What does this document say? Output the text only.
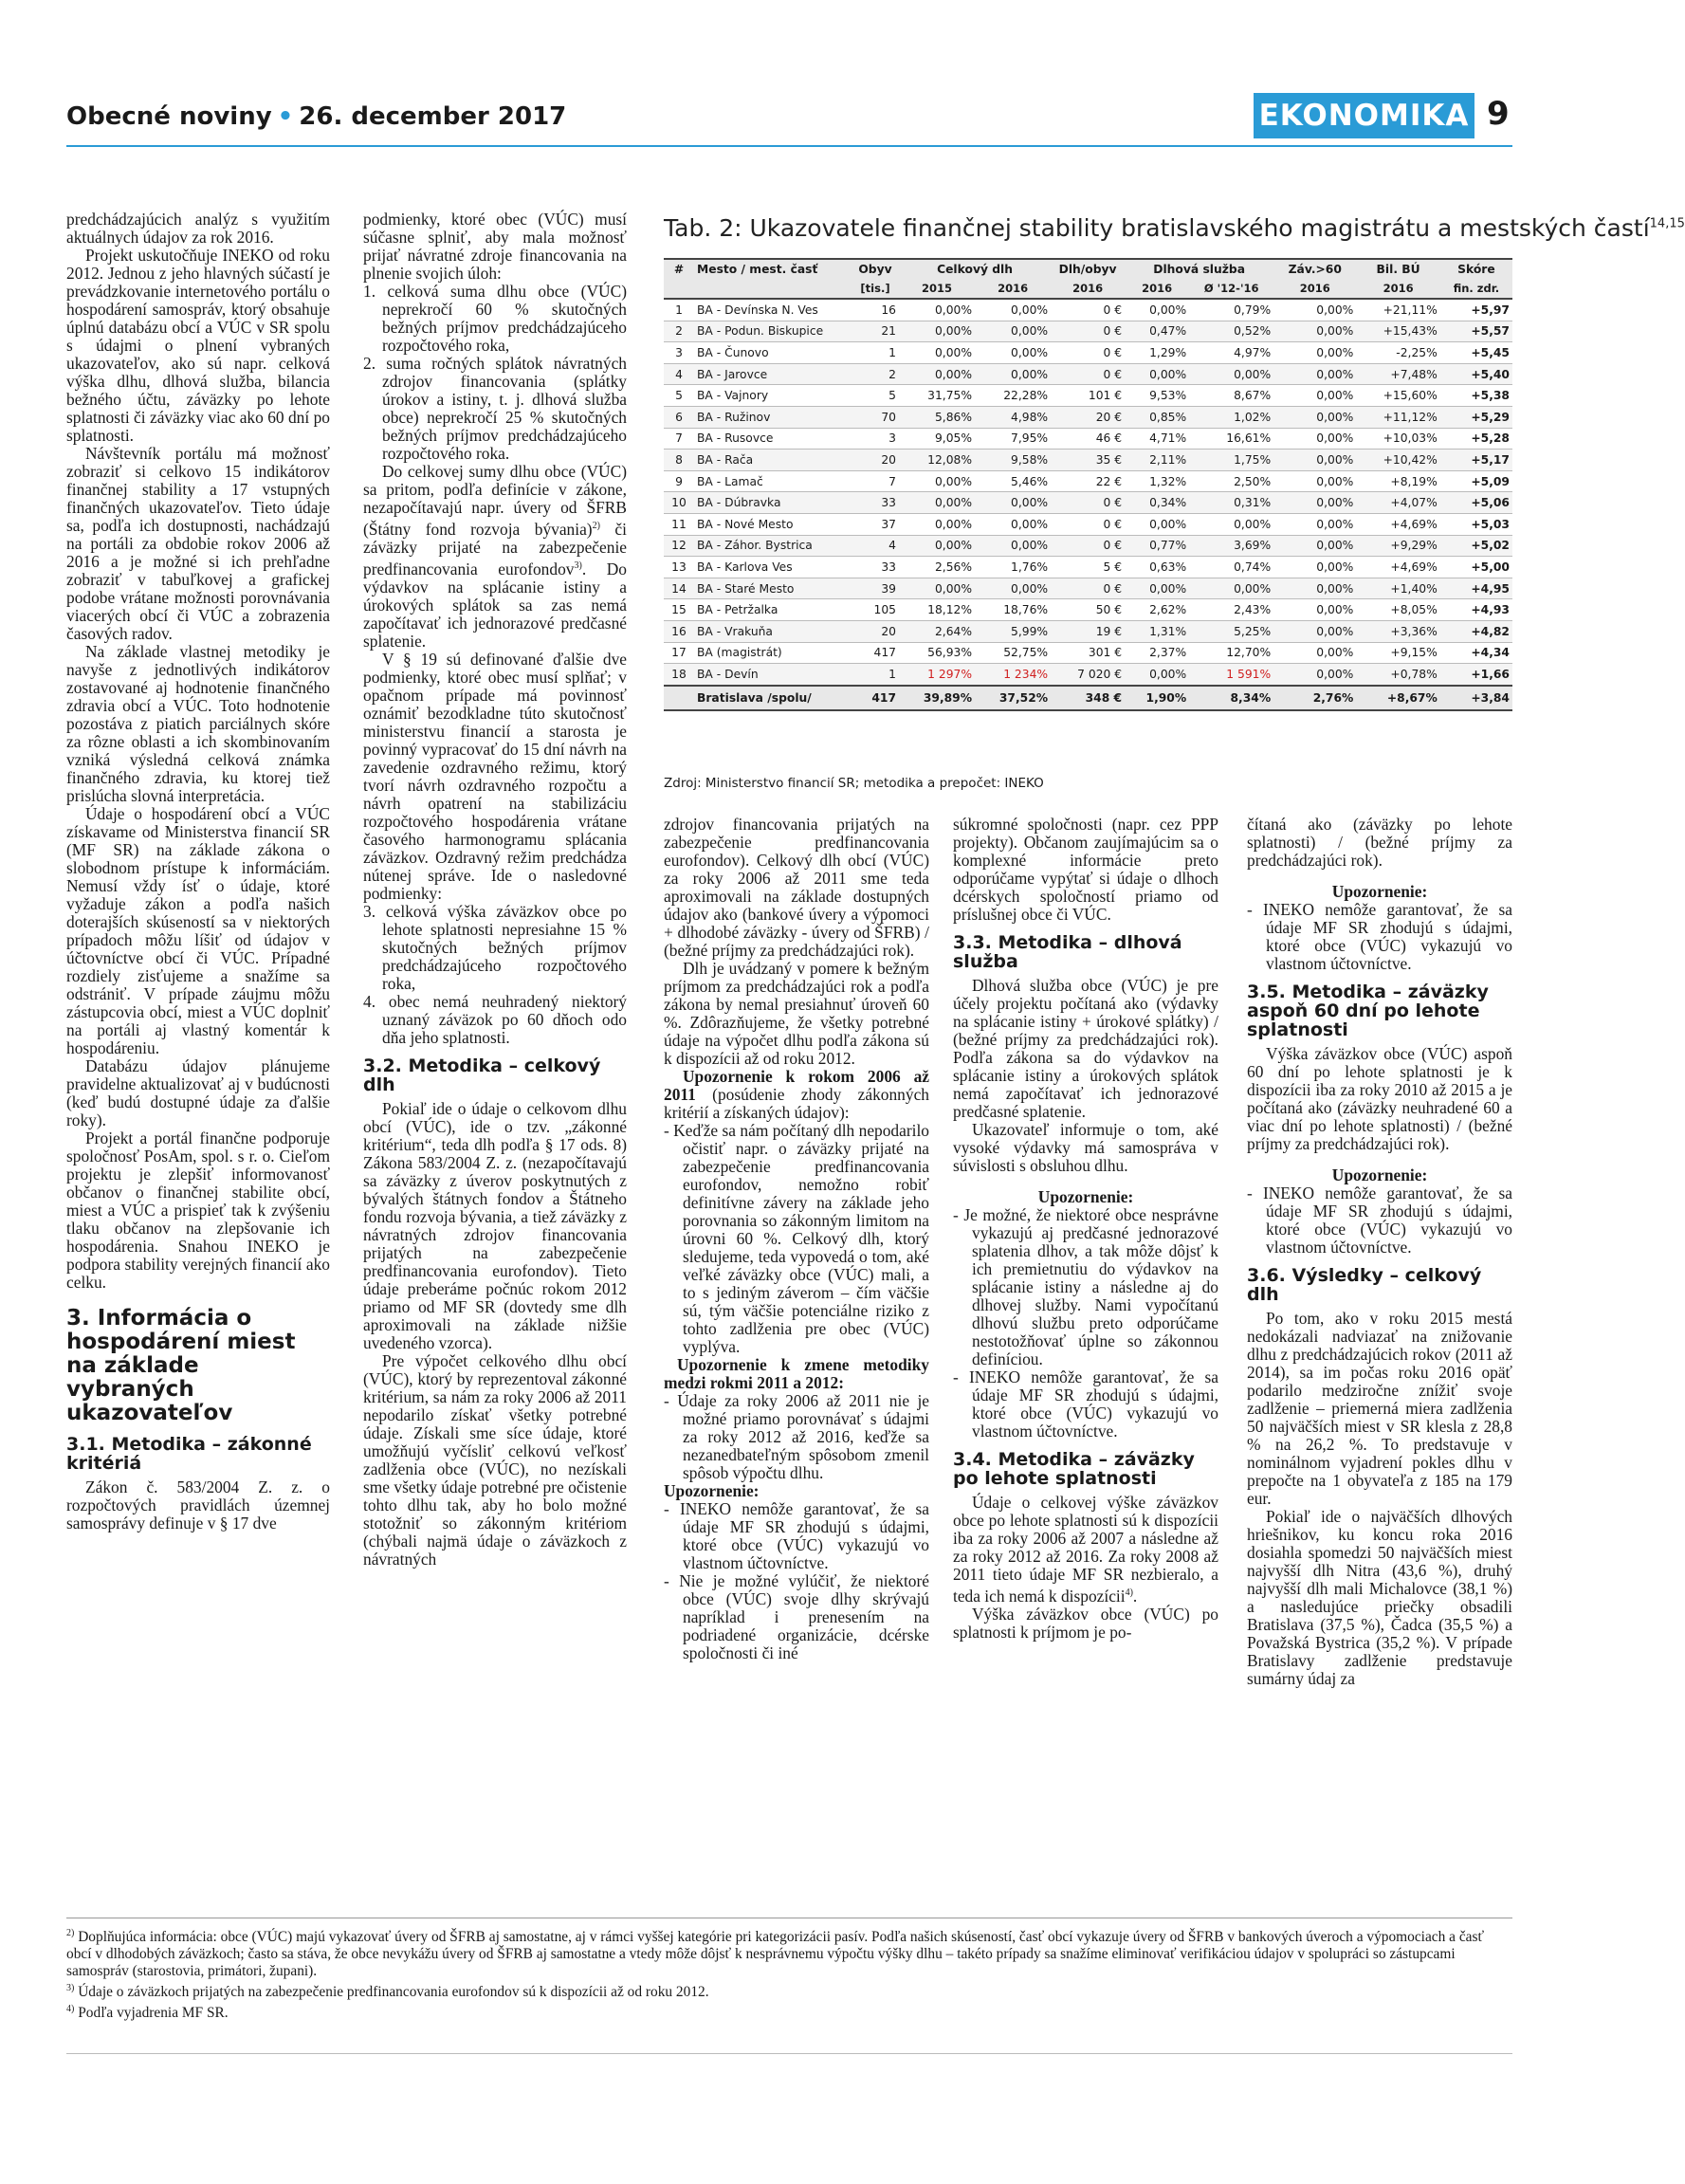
Obecné noviny • 26. december 2017	EKONOMIKA 9

predchádzajúcich analýz s využitím aktuálnych údajov za rok 2016.

Projekt uskutočňuje INEKO od roku 2012. Jednou z jeho hlavných súčastí je prevádzkovanie internetového portálu o hospodárení samospráv, ktorý obsahuje úplnú databázu obcí a VÚC v SR spolu s údajmi o plnení vybraných ukazovateľov, ako sú napr. celková výška dlhu, dlhová služba, bilancia bežného účtu, záväzky po lehote splatnosti či záväzky viac ako 60 dní po splatnosti.

Návštevník portálu má možnosť zobraziť si celkovo 15 indikátorov finančnej stability a 17 vstupných finančných ukazovateľov. Tieto údaje sa, podľa ich dostupnosti, nachádzajú na portáli za obdobie rokov 2006 až 2016 a je možné si ich prehľadne zobraziť v tabuľkovej a grafickej podobe vrátane možnosti porovnávania viacerých obcí či VÚC a zobrazenia časových radov.

Na základe vlastnej metodiky je navyše z jednotlivých indikátorov zostavované aj hodnotenie finančného zdravia obcí a VÚC. Toto hodnotenie pozostáva z piatich parciálnych skóre za rôzne oblasti a ich skombinovaním vzniká výsledná celková známka finančného zdravia, ku ktorej tiež prislúcha slovná interpretácia.

Údaje o hospodárení obcí a VÚC získavame od Ministerstva financií SR (MF SR) na základe zákona o slobodnom prístupe k informáciám. Nemusí vždy ísť o údaje, ktoré vyžaduje zákon a podľa našich doterajších skúseností sa v niektorých prípadoch môžu líšiť od údajov v účtovníctve obcí či VÚC. Prípadné rozdiely zisťujeme a snažíme sa odstrániť. V prípade záujmu môžu zástupcovia obcí, miest a VÚC doplniť na portáli aj vlastný komentár k hospodáreniu.

Databázu údajov plánujeme pravidelne aktualizovať aj v budúcnosti (keď budú dostupné údaje za ďalšie roky).

Projekt a portál finančne podporuje spoločnosť PosAm, spol. s r. o. Cieľom projektu je zlepšiť informovanosť občanov o finančnej stabilite obcí, miest a VÚC a prispieť tak k zvýšeniu tlaku občanov na zlepšovanie ich hospodárenia. Snahou INEKO je podpora stability verejných financií ako celku.

3. Informácia o hospodárení miest na základe vybraných ukazovateľov
3.1. Metodika – zákonné kritériá

Zákon č. 583/2004 Z. z. o rozpočtových pravidlách územnej samosprávy definuje v § 17 dve

podmienky, ktoré obec (VÚC) musí súčasne splniť, aby mala možnosť prijať návratné zdroje financovania na plnenie svojich úloh:

1. celková suma dlhu obce (VÚC) neprekročí 60 % skutočných bežných príjmov predchádzajúceho rozpočtového roka,
2. suma ročných splátok návratných zdrojov financovania (splátky úrokov a istiny, t. j. dlhová služba obce) neprekročí 25 % skutočných bežných príjmov predchádzajúceho rozpočtového roka.

Do celkovej sumy dlhu obce (VÚC) sa pritom, podľa definície v zákone, nezapočítavajú napr. úvery od ŠFRB (Štátny fond rozvoja bývania)$^{2)}$ či záväzky prijaté na zabezpečenie predfinancovania eurofondov$^{3)}$. Do výdavkov na splácanie istiny a úrokových splátok sa zas nemá započítavať ich jednorazové predčasné splatenie.

V § 19 sú definované ďalšie dve podmienky, ktoré obec musí splňať; v opačnom prípade má povinnosť oznámiť bezodkladne túto skutočnosť ministerstvu financií a starosta je povinný vypracovať do 15 dní návrh na zavedenie ozdravného režimu, ktorý tvorí návrh ozdravného rozpočtu a návrh opatrení na stabilizáciu rozpočtového hospodárenia vrátane časového harmonogramu splácania záväzkov. Ozdravný režim predchádza nútenej správe. Ide o nasledovné podmienky:

3. celková výška záväzkov obce po lehote splatnosti nepresiahne 15 % skutočných bežných príjmov predchádzajúceho rozpočtového roka,
4. obec nemá neuhradený niektorý uznaný záväzok po 60 dňoch odo dňa jeho splatnosti.
3.2. Metodika – celkový dlh

Pokiaľ ide o údaje o celkovom dlhu obcí (VÚC), ide o tzv. „zákonné kritérium“, teda dlh podľa § 17 ods. 8) Zákona 583/2004 Z. z. (nezapočítavajú sa záväzky z úverov poskytnutých z bývalých štátnych fondov a Štátneho fondu rozvoja bývania, a tiež záväzky z návratných zdrojov financovania prijatých na zabezpečenie predfinancovania eurofondov). Tieto údaje preberáme počnúc rokom 2012 priamo od MF SR (dovtedy sme dlh aproximovali na základe nižšie uvedeného vzorca).

Pre výpočet celkového dlhu obcí (VÚC), ktorý by reprezentoval zákonné kritérium, sa nám za roky 2006 až 2011 nepodarilo získať všetky potrebné údaje. Získali sme síce údaje, ktoré umožňujú vyčísliť celkovú veľkosť zadlženia obce (VÚC), no nezískali sme všetky údaje potrebné pre očistenie tohto dlhu tak, aby ho bolo možné stotožniť so zákonným kritériom (chýbali najmä údaje o záväzkoch z návratných

Tab. 2: Ukazovatele finančnej stability bratislavského magistrátu a mestských častí$^{14,15}$
#	Mesto / mest. časť	Obyv	Celkový dlh		Dlh/obyv	Dlhová služba		Záv.>60	Bil. BÚ	Skóre
		[tis.]	2015	2016	2016	2016	Ø '12-'16	2016	2016	fin. zdr.
1	BA - Devínska N. Ves	16	0,00%	0,00%	0 €	0,00%	0,79%	0,00%	+21,11%	+5,97
2	BA - Podun. Biskupice	21	0,00%	0,00%	0 €	0,47%	0,52%	0,00%	+15,43%	+5,57
3	BA - Čunovo	1	0,00%	0,00%	0 €	1,29%	4,97%	0,00%	-2,25%	+5,45
4	BA - Jarovce	2	0,00%	0,00%	0 €	0,00%	0,00%	0,00%	+7,48%	+5,40
5	BA - Vajnory	5	31,75%	22,28%	101 €	9,53%	8,67%	0,00%	+15,60%	+5,38
6	BA - Ružinov	70	5,86%	4,98%	20 €	0,85%	1,02%	0,00%	+11,12%	+5,29
7	BA - Rusovce	3	9,05%	7,95%	46 €	4,71%	16,61%	0,00%	+10,03%	+5,28
8	BA - Rača	20	12,08%	9,58%	35 €	2,11%	1,75%	0,00%	+10,42%	+5,17
9	BA - Lamač	7	0,00%	5,46%	22 €	1,32%	2,50%	0,00%	+8,19%	+5,09
10	BA - Dúbravka	33	0,00%	0,00%	0 €	0,34%	0,31%	0,00%	+4,07%	+5,06
11	BA - Nové Mesto	37	0,00%	0,00%	0 €	0,00%	0,00%	0,00%	+4,69%	+5,03
12	BA - Záhor. Bystrica	4	0,00%	0,00%	0 €	0,77%	3,69%	0,00%	+9,29%	+5,02
13	BA - Karlova Ves	33	2,56%	1,76%	5 €	0,63%	0,74%	0,00%	+4,69%	+5,00
14	BA - Staré Mesto	39	0,00%	0,00%	0 €	0,00%	0,00%	0,00%	+1,40%	+4,95
15	BA - Petržalka	105	18,12%	18,76%	50 €	2,62%	2,43%	0,00%	+8,05%	+4,93
16	BA - Vrakuňa	20	2,64%	5,99%	19 €	1,31%	5,25%	0,00%	+3,36%	+4,82
17	BA (magistrát)	417	56,93%	52,75%	301 €	2,37%	12,70%	0,00%	+9,15%	+4,34
18	BA - Devín	1	1 297%	1 234%	7 020 €	0,00%	1 591%	0,00%	+0,78%	+1,66
	Bratislava /spolu/	417	39,89%	37,52%	348 €	1,90%	8,34%	2,76%	+8,67%	+3,84
Zdroj: Ministerstvo financií SR; metodika a prepočet: INEKO

zdrojov financovania prijatých na zabezpečenie predfinancovania eurofondov). Celkový dlh obcí (VÚC) za roky 2006 až 2011 sme teda aproximovali na základe dostupných údajov ako (bankové úvery a výpomoci + dlhodobé záväzky - úvery od ŠFRB) / (bežné príjmy za predchádzajúci rok).

Dlh je uvádzaný v pomere k bežným príjmom za predchádzajúci rok a podľa zákona by nemal presiahnuť úroveň 60 %. Zdôrazňujeme, že všetky potrebné údaje na výpočet dlhu podľa zákona sú k dispozícii až od roku 2012.

Upozornenie k rokom 2006 až 2011 (posúdenie zhody zákonných kritérií a získaných údajov):

- Keďže sa nám počítaný dlh nepodarilo očistiť napr. o záväzky prijaté na zabezpečenie predfinancovania eurofondov, nemožno robiť definitívne závery na základe jeho porovnania so zákonným limitom na úrovni 60 %. Celkový dlh, ktorý sledujeme, teda vypovedá o tom, aké veľké záväzky obce (VÚC) mali, a to s jediným záverom – čím väčšie sú, tým väčšie potenciálne riziko z tohto zadlženia pre obec (VÚC) vyplýva.

Upozornenie k zmene metodiky medzi rokmi 2011 a 2012:

- Údaje za roky 2006 až 2011 nie je možné priamo porovnávať s údajmi za roky 2012 až 2016, keďže sa nezanedbateľným spôsobom zmenil spôsob výpočtu dlhu.

Upozornenie:

- INEKO nemôže garantovať, že sa údaje MF SR zhodujú s údajmi, ktoré obce (VÚC) vykazujú vo vlastnom účtovníctve.
- Nie je možné vylúčiť, že niektoré obce (VÚC) svoje dlhy skrývajú napríklad i prenesením na podriadené organizácie, dcérske spoločnosti či iné

súkromné spoločnosti (napr. cez PPP projekty). Občanom zaujímajúcim sa o komplexné informácie preto odporúčame vypýtať si údaje o dlhoch dcérskych spoločností priamo od príslušnej obce či VÚC.

3.3. Metodika – dlhová služba

Dlhová služba obce (VÚC) je pre účely projektu počítaná ako (výdavky na splácanie istiny + úrokové splátky) / (bežné príjmy za predchádzajúci rok). Podľa zákona sa do výdavkov na splácanie istiny a úrokových splátok nemá započítavať ich jednorazové predčasné splatenie.

Ukazovateľ informuje o tom, aké vysoké výdavky má samospráva v súvislosti s obsluhou dlhu.

Upozornenie:

- Je možné, že niektoré obce nesprávne vykazujú aj predčasné jednorazové splatenia dlhov, a tak môže dôjsť k ich premietnutiu do výdavkov na splácanie istiny a následne aj do dlhovej služby. Nami vypočítanú dlhovú službu preto odporúčame nestotožňovať úplne so zákonnou definíciou.
- INEKO nemôže garantovať, že sa údaje MF SR zhodujú s údajmi, ktoré obce (VÚC) vykazujú vo vlastnom účtovníctve.
3.4. Metodika – záväzky po lehote splatnosti

Údaje o celkovej výške záväzkov obce po lehote splatnosti sú k dispozícii iba za roky 2006 až 2007 a následne až za roky 2012 až 2016. Za roky 2008 až 2011 tieto údaje MF SR nezbieralo, a teda ich nemá k dispozícii$^{4)}$.

Výška záväzkov obce (VÚC) po splatnosti k príjmom je po-

čítaná ako (záväzky po lehote splatnosti) / (bežné príjmy za predchádzajúci rok).

Upozornenie:

- INEKO nemôže garantovať, že sa údaje MF SR zhodujú s údajmi, ktoré obce (VÚC) vykazujú vo vlastnom účtovníctve.
3.5. Metodika – záväzky aspoň 60 dní po lehote splatnosti

Výška záväzkov obce (VÚC) aspoň 60 dní po lehote splatnosti je k dispozícii iba za roky 2010 až 2015 a je počítaná ako (záväzky neuhradené 60 a viac dní po lehote splatnosti) / (bežné príjmy za predchádzajúci rok).

Upozornenie:

- INEKO nemôže garantovať, že sa údaje MF SR zhodujú s údajmi, ktoré obce (VÚC) vykazujú vo vlastnom účtovníctve.
3.6. Výsledky – celkový dlh

Po tom, ako v roku 2015 mestá nedokázali nadviazať na znižovanie dlhu z predchádzajúcich rokov (2011 až 2014), sa im počas roku 2016 opäť podarilo medziročne znížiť svoje zadlženie – priemerná miera zadlženia 50 najväčších miest v SR klesla z 28,8 % na 26,2 %. To predstavuje v nominálnom vyjadrení pokles dlhu v prepočte na 1 obyvateľa z 185 na 179 eur.

Pokiaľ ide o najväčších dlhových hriešnikov, ku koncu roka 2016 dosiahla spomedzi 50 najväčších miest najvyšší dlh Nitra (43,6 %), druhý najvyšší dlh mali Michalovce (38,1 %) a nasledujúce priečky obsadili Bratislava (37,5 %), Čadca (35,5 %) a Považská Bystrica (35,2 %). V prípade Bratislavy zadlženie predstavuje sumárny údaj za

$^{2)}$ Doplňujúca informácia: obce (VÚC) majú vykazovať úvery od ŠFRB aj samostatne, aj v rámci vyššej kategórie pri kategorizácii pasív. Podľa našich skúseností, časť obcí vykazuje úvery od ŠFRB v bankových úveroch a výpomociach a časť obcí v dlhodobých záväzkoch; často sa stáva, že obce nevykážu úvery od ŠFRB aj samostatne a vtedy môže dôjsť k nesprávnemu výpočtu výšky dlhu – takéto prípady sa snažíme eliminovať verifikáciou údajov v spolupráci so zástupcami samospráv (starostovia, primátori, župani).

$^{3)}$ Údaje o záväzkoch prijatých na zabezpečenie predfinancovania eurofondov sú k dispozícii až od roku 2012.

$^{4)}$ Podľa vyjadrenia MF SR.
